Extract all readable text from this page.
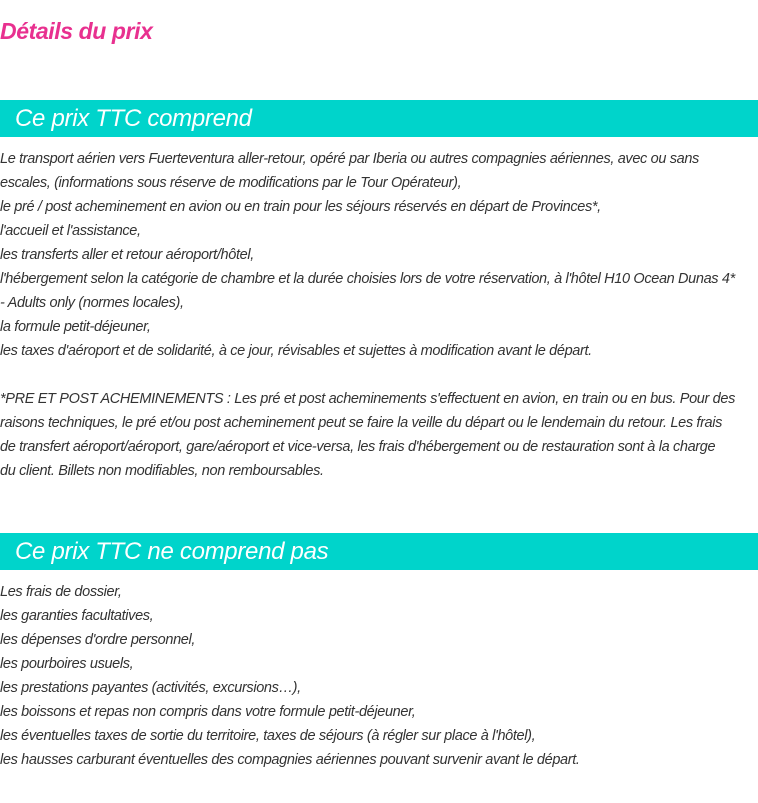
Détails du prix
Ce prix TTC comprend
Le transport aérien vers Fuerteventura aller-retour, opéré par Iberia ou autres compagnies aériennes, avec ou sans
escales, (informations sous réserve de modifications par le Tour Opérateur),
le pré / post acheminement en avion ou en train pour les séjours réservés en départ de Provinces*,
l'accueil et l'assistance,
les transferts aller et retour aéroport/hôtel,
l'hébergement selon la catégorie de chambre et la durée choisies lors de votre réservation, à l'hôtel H10 Ocean Dunas 4*
- Adults only (normes locales),
la formule petit-déjeuner,
les taxes d'aéroport et de solidarité, à ce jour, révisables et sujettes à modification avant le départ.
*PRE ET POST ACHEMINEMENTS : Les pré et post acheminements s'effectuent en avion, en train ou en bus. Pour des
raisons techniques, le pré et/ou post acheminement peut se faire la veille du départ ou le lendemain du retour. Les frais
de transfert aéroport/aéroport, gare/aéroport et vice-versa, les frais d'hébergement ou de restauration sont à la charge
du client. Billets non modifiables, non remboursables.
Ce prix TTC ne comprend pas
Les frais de dossier,
les garanties facultatives,
les dépenses d'ordre personnel,
les pourboires usuels,
les prestations payantes (activités, excursions…),
les boissons et repas non compris dans votre formule petit-déjeuner,
les éventuelles taxes de sortie du territoire, taxes de séjours (à régler sur place à l'hôtel),
les hausses carburant éventuelles des compagnies aériennes pouvant survenir avant le départ.
